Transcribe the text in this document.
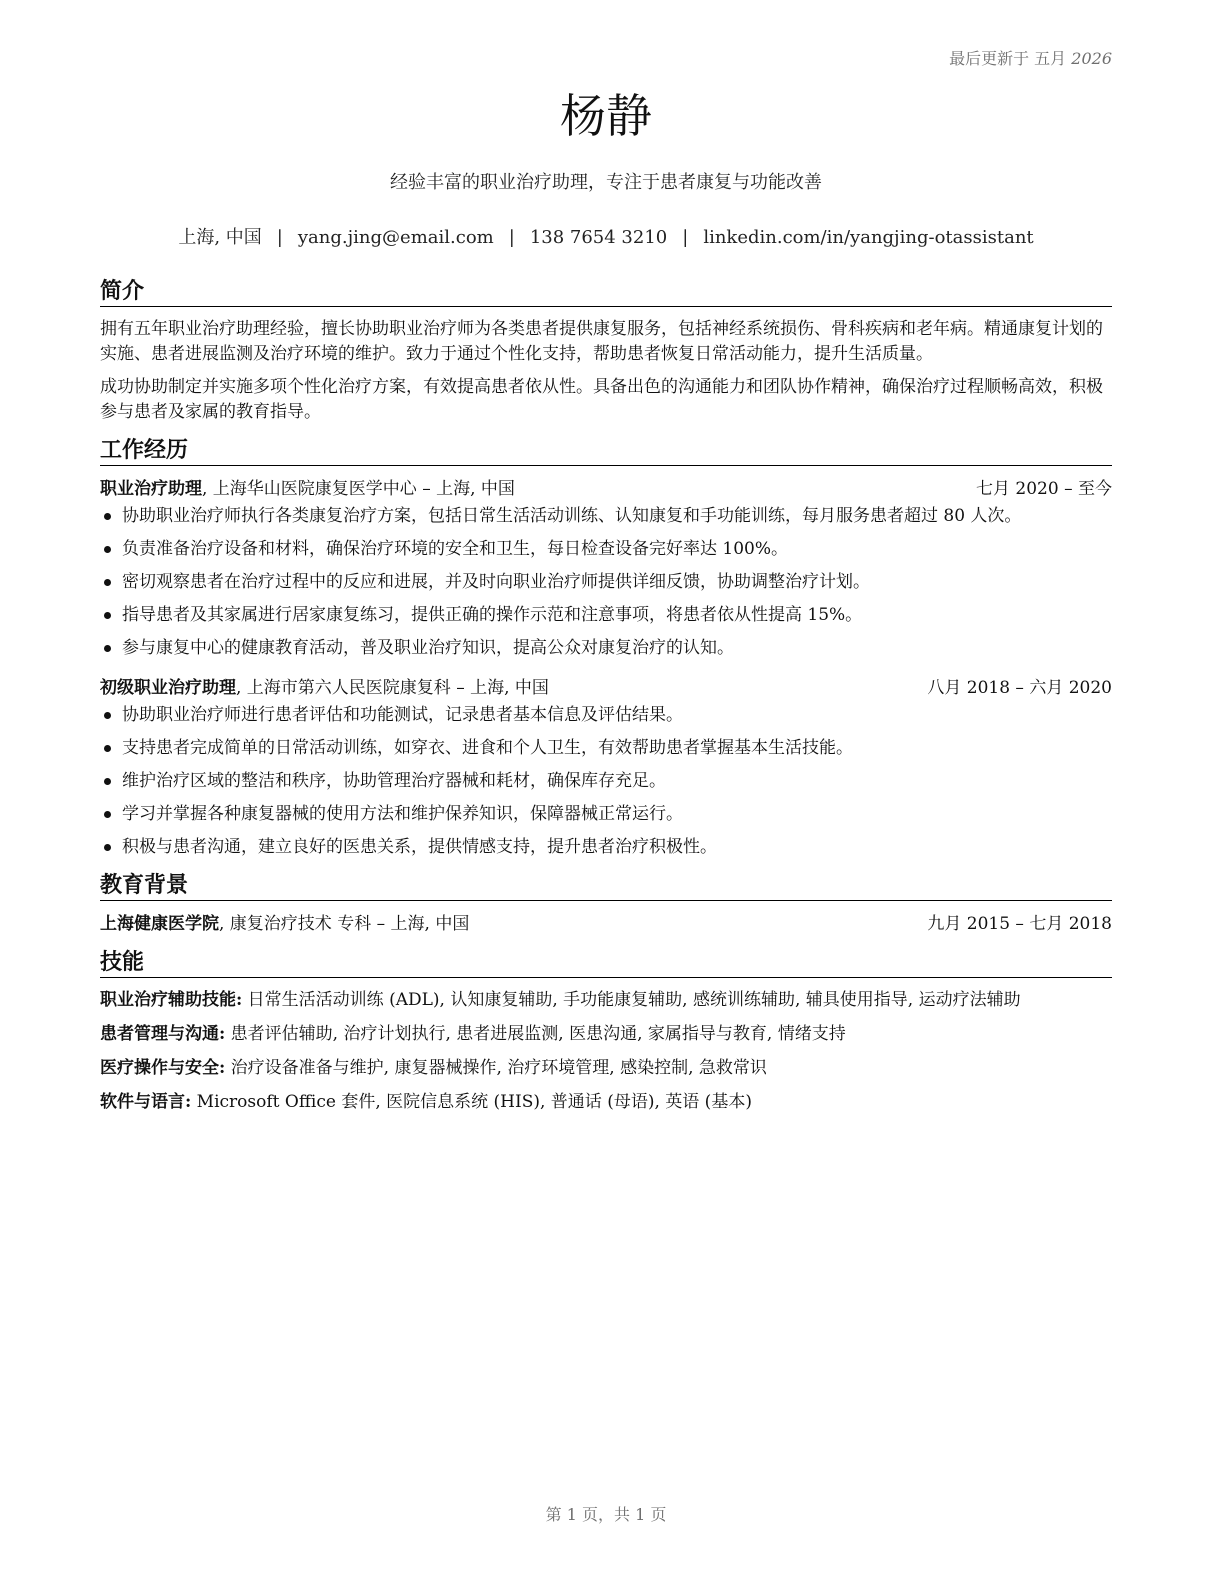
最后更新于 五月 2026
杨静
经验丰富的职业治疗助理，专注于患者康复与功能改善
上海, 中国 | yang.jing@email.com | 138 7654 3210 | linkedin.com/in/yangjing-otassistant
简介

拥有五年职业治疗助理经验，擅长协助职业治疗师为各类患者提供康复服务，包括神经系统损伤、骨科疾病和老年病。精通康复计划的实施、患者进展监测及治疗环境的维护。致力于通过个性化支持，帮助患者恢复日常活动能力，提升生活质量。

成功协助制定并实施多项个性化治疗方案，有效提高患者依从性。具备出色的沟通能力和团队协作精神，确保治疗过程顺畅高效，积极参与患者及家属的教育指导。

工作经历
职业治疗助理, 上海华山医院康复医学中心 – 上海, 中国	七月 2020 – 至今
协助职业治疗师执行各类康复治疗方案，包括日常生活活动训练、认知康复和手功能训练，每月服务患者超过 80 人次。
负责准备治疗设备和材料，确保治疗环境的安全和卫生，每日检查设备完好率达 100%。
密切观察患者在治疗过程中的反应和进展，并及时向职业治疗师提供详细反馈，协助调整治疗计划。
指导患者及其家属进行居家康复练习，提供正确的操作示范和注意事项，将患者依从性提高 15%。
参与康复中心的健康教育活动，普及职业治疗知识，提高公众对康复治疗的认知。
初级职业治疗助理, 上海市第六人民医院康复科 – 上海, 中国	八月 2018 – 六月 2020
协助职业治疗师进行患者评估和功能测试，记录患者基本信息及评估结果。
支持患者完成简单的日常活动训练，如穿衣、进食和个人卫生，有效帮助患者掌握基本生活技能。
维护治疗区域的整洁和秩序，协助管理治疗器械和耗材，确保库存充足。
学习并掌握各种康复器械的使用方法和维护保养知识，保障器械正常运行。
积极与患者沟通，建立良好的医患关系，提供情感支持，提升患者治疗积极性。
教育背景
上海健康医学院, 康复治疗技术 专科 – 上海, 中国	九月 2015 – 七月 2018
技能
职业治疗辅助技能: 日常生活活动训练 (ADL), 认知康复辅助, 手功能康复辅助, 感统训练辅助, 辅具使用指导, 运动疗法辅助
患者管理与沟通: 患者评估辅助, 治疗计划执行, 患者进展监测, 医患沟通, 家属指导与教育, 情绪支持
医疗操作与安全: 治疗设备准备与维护, 康复器械操作, 治疗环境管理, 感染控制, 急救常识
软件与语言: Microsoft Office 套件, 医院信息系统 (HIS), 普通话 (母语), 英语 (基本)
第 1 页，共 1 页
